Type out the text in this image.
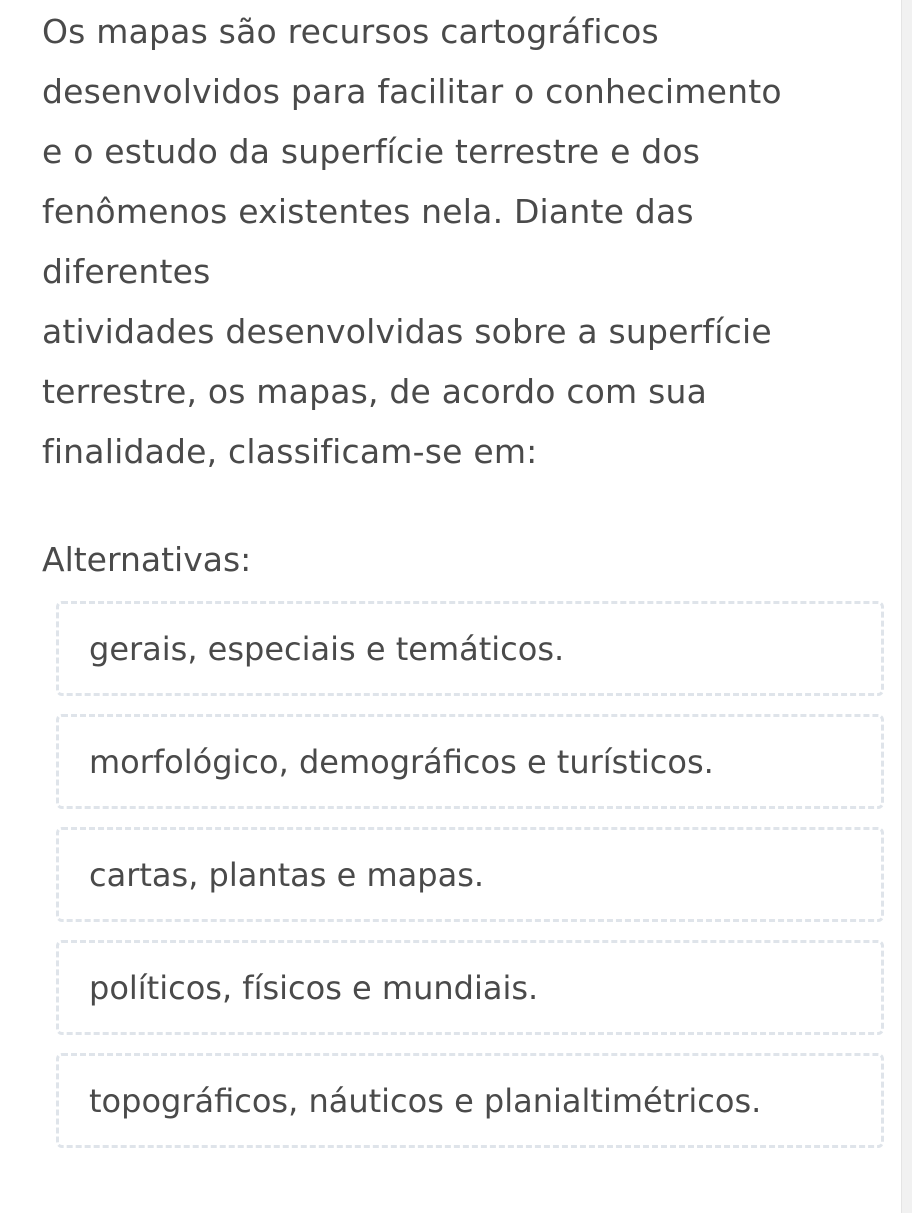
Os mapas são recursos cartográficos
desenvolvidos para facilitar o conhecimento
e o estudo da superfície terrestre e dos
fenômenos existentes nela. Diante das
diferentes
atividades desenvolvidas sobre a superfície
terrestre, os mapas, de acordo com sua
finalidade, classificam-se em:
Alternativas:
gerais, especiais e temáticos.
morfológico, demográficos e turísticos.
cartas, plantas e mapas.
políticos, físicos e mundiais.
topográficos, náuticos e planialtimétricos.
